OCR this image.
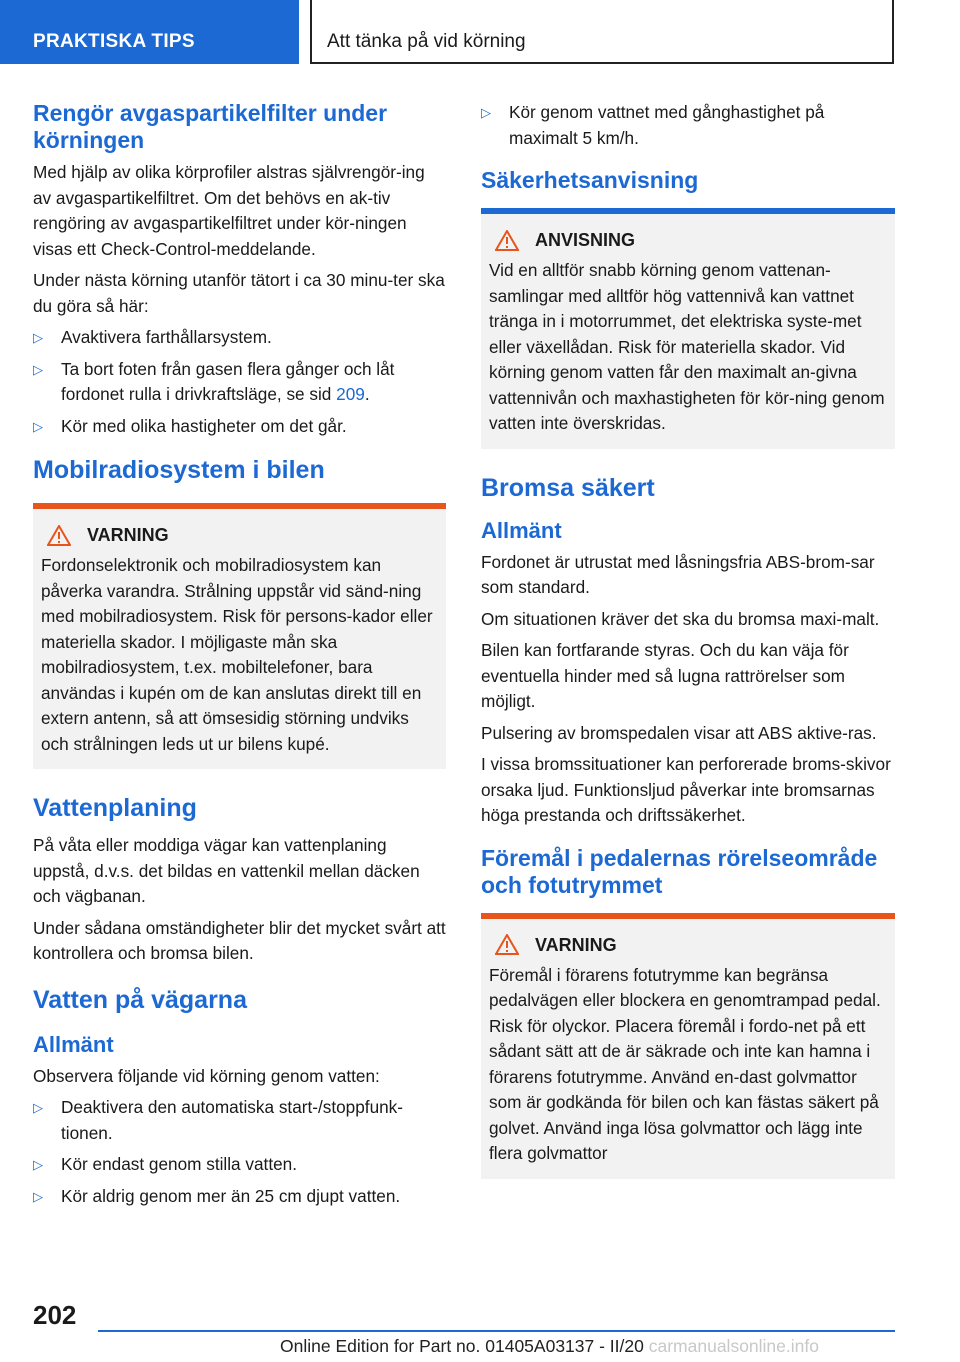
PRAKTISKA TIPS	Att tänka på vid körning
Rengör avgaspartikelfilter under körningen
Med hjälp av olika körprofiler alstras självrengör-ing av avgaspartikelfiltret. Om det behövs en ak-tiv rengöring av avgaspartikelfiltret under kör-ningen visas ett Check-Control-meddelande.
Under nästa körning utanför tätort i ca 30 minu-ter ska du göra så här:
▷ Avaktivera farthållarsystem.
▷ Ta bort foten från gasen flera gånger och låt fordonet rulla i drivkraftsläge, se sid 209.
▷ Kör med olika hastigheter om det går.
Mobilradiosystem i bilen
VARNING
Fordonselektronik och mobilradiosystem kan påverka varandra. Strålning uppstår vid sänd-ning med mobilradiosystem. Risk för persons-kador eller materiella skador. I möjligaste mån ska mobilradiosystem, t.ex. mobiltelefoner, bara användas i kupén om de kan anslutas direkt till en extern antenn, så att ömsesidig störning undviks och strålningen leds ut ur bilens kupé.
Vattenplaning
På våta eller moddiga vägar kan vattenplaning uppstå, d.v.s. det bildas en vattenkil mellan däcken och vägbanan.
Under sådana omständigheter blir det mycket svårt att kontrollera och bromsa bilen.
Vatten på vägarna
Allmänt
Observera följande vid körning genom vatten:
▷ Deaktivera den automatiska start-/stoppfunk-tionen.
▷ Kör endast genom stilla vatten.
▷ Kör aldrig genom mer än 25 cm djupt vatten.
▷ Kör genom vattnet med gånghastighet på maximalt 5 km/h.
Säkerhetsanvisning
ANVISNING
Vid en alltför snabb körning genom vattenan-samlingar med alltför hög vattennivå kan vattnet tränga in i motorrummet, det elektriska syste-met eller växellådan. Risk för materiella skador. Vid körning genom vatten får den maximalt an-givna vattennivån och maxhastigheten för kör-ning genom vatten inte överskridas.
Bromsa säkert
Allmänt
Fordonet är utrustat med låsningsfria ABS-brom-sar som standard.
Om situationen kräver det ska du bromsa maxi-malt.
Bilen kan fortfarande styras. Och du kan väja för eventuella hinder med så lugna rattrörelser som möjligt.
Pulsering av bromspedalen visar att ABS aktive-ras.
I vissa bromssituationer kan perforerade broms-skivor orsaka ljud. Funktionsljud påverkar inte bromsarnas höga prestanda och driftssäkerhet.
Föremål i pedalernas rörelseområde och fotutrymmet
VARNING
Föremål i förarens fotutrymme kan begränsa pedalvägen eller blockera en genomtrampad pedal. Risk för olyckor. Placera föremål i fordo-net på ett sådant sätt att de är säkrade och inte kan hamna i förarens fotutrymme. Använd en-dast golvmattor som är godkända för bilen och kan fästas säkert på golvet. Använd inga lösa golvmattor och lägg inte flera golvmattor
202
Online Edition for Part no. 01405A03137 - II/20 carmanualsonline.info
